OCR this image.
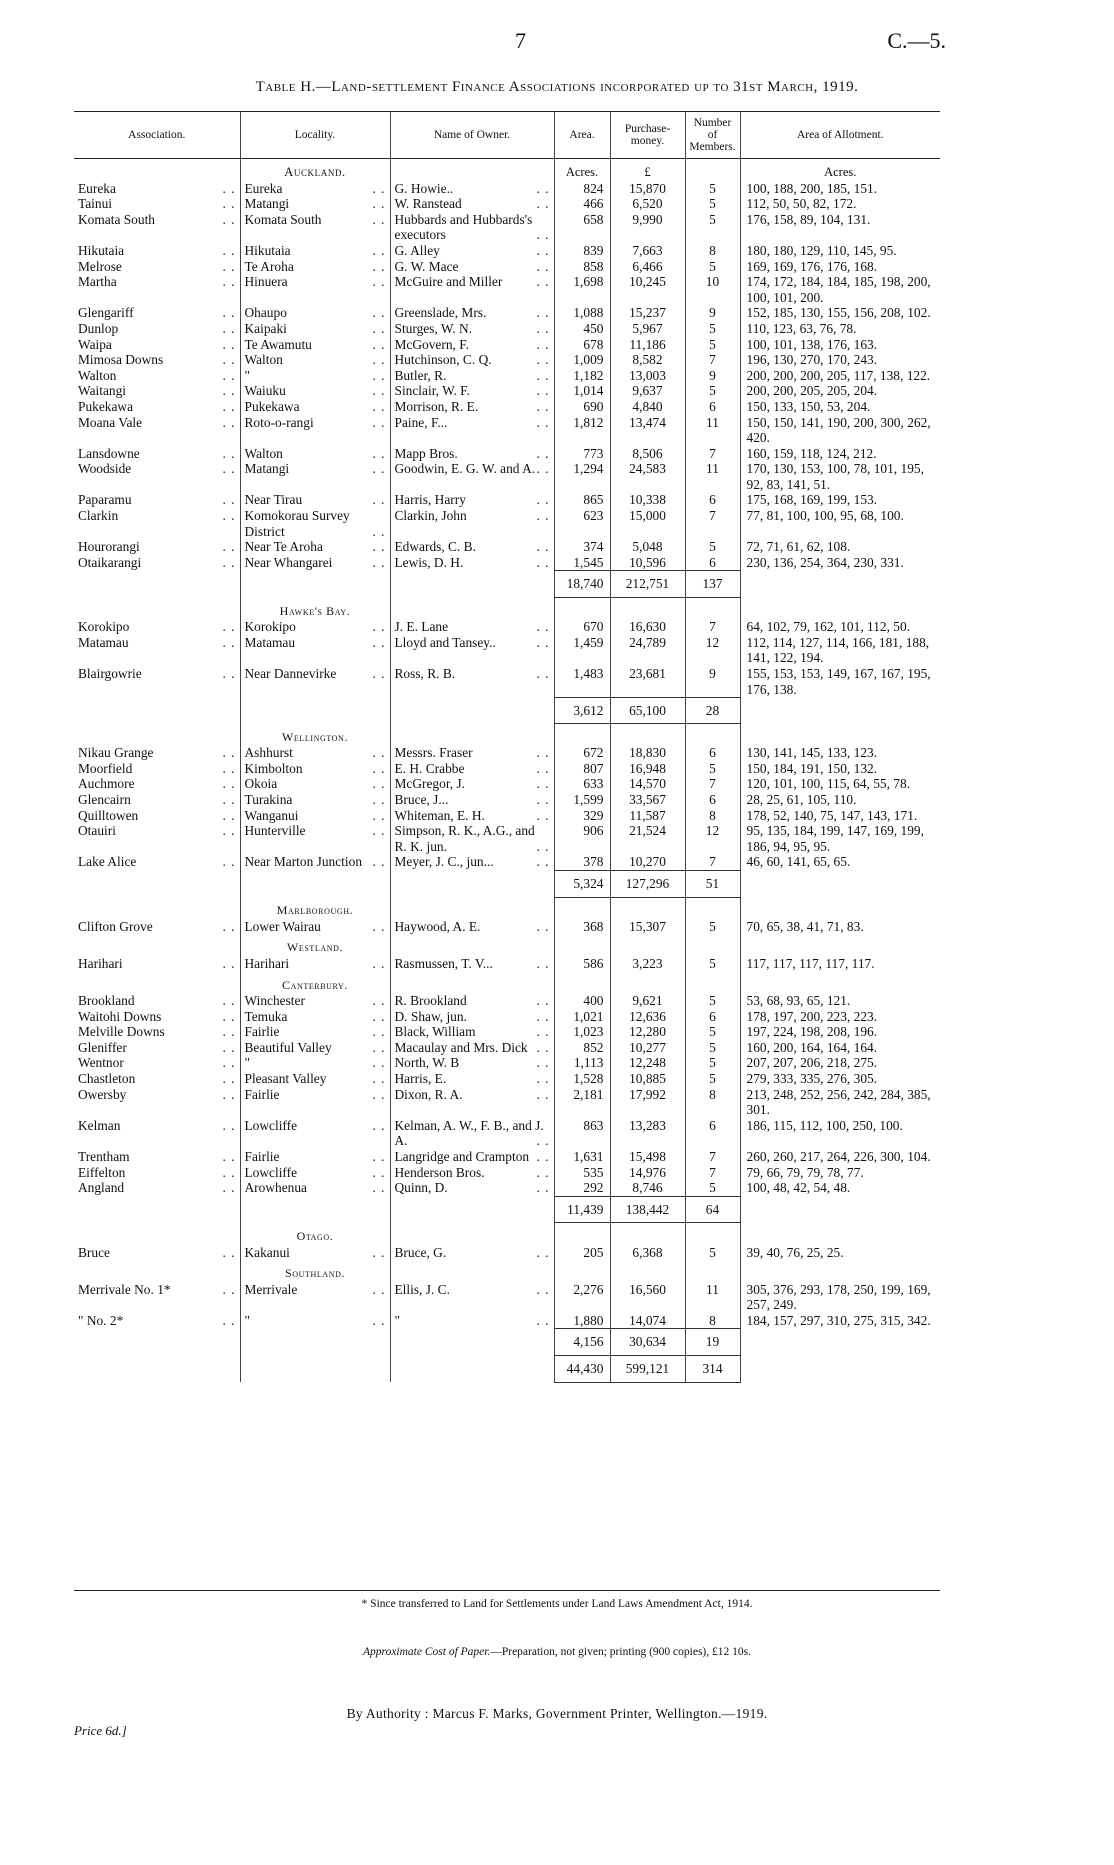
7	C.—5.
Table H.—Land-settlement Finance Associations incorporated up to 31st March, 1919.
Association.	Locality.	Name of Owner.	Area.	Purchase-money.	Number of Members.	Area of Allotment.
	Auckland.		Acres.	£		Acres.
Eureka . .	Eureka . .	G. Howie.. . .	824	15,870	5	100, 188, 200, 185, 151.
Tainui . .	Matangi . .	W. Ranstead . .	466	6,520	5	112, 50, 50, 82, 172.
Komata South . .	Komata South . .	Hubbards and Hubbards's executors . .	658	9,990	5	176, 158, 89, 104, 131.
Hikutaia . .	Hikutaia . .	G. Alley . .	839	7,663	8	180, 180, 129, 110, 145, 95.
Melrose . .	Te Aroha . .	G. W. Mace . .	858	6,466	5	169, 169, 176, 176, 168.
Martha . .	Hinuera . .	McGuire and Miller . .	1,698	10,245	10	174, 172, 184, 184, 185, 198, 200, 100, 101, 200.
Glengariff . .	Ohaupo . .	Greenslade, Mrs. . .	1,088	15,237	9	152, 185, 130, 155, 156, 208, 102.
Dunlop . .	Kaipaki . .	Sturges, W. N. . .	450	5,967	5	110, 123, 63, 76, 78.
Waipa . .	Te Awamutu . .	McGovern, F. . .	678	11,186	5	100, 101, 138, 176, 163.
Mimosa Downs . .	Walton . .	Hutchinson, C. Q. . .	1,009	8,582	7	196, 130, 270, 170, 243.
Walton . .	" . .	Butler, R. . .	1,182	13,003	9	200, 200, 200, 205, 117, 138, 122.
Waitangi . .	Waiuku . .	Sinclair, W. F. . .	1,014	9,637	5	200, 200, 205, 205, 204.
Pukekawa . .	Pukekawa . .	Morrison, R. E. . .	690	4,840	6	150, 133, 150, 53, 204.
Moana Vale . .	Roto-o-rangi . .	Paine, F... . .	1,812	13,474	11	150, 150, 141, 190, 200, 300, 262, 420.
Lansdowne . .	Walton . .	Mapp Bros. . .	773	8,506	7	160, 159, 118, 124, 212.
Woodside . .	Matangi . .	Goodwin, E. G. W. and A. . .	1,294	24,583	11	170, 130, 153, 100, 78, 101, 195, 92, 83, 141, 51.
Paparamu . .	Near Tirau . .	Harris, Harry . .	865	10,338	6	175, 168, 169, 199, 153.
Clarkin . .	Komokorau Survey District . .	Clarkin, John . .	623	15,000	7	77, 81, 100, 100, 95, 68, 100.
Hourorangi . .	Near Te Aroha . .	Edwards, C. B. . .	374	5,048	5	72, 71, 61, 62, 108.
Otaikarangi . .	Near Whangarei . .	Lewis, D. H. . .	1,545	10,596	6	230, 136, 254, 364, 230, 331.
			18,740	212,751	137	
	Hawke's Bay.					
Korokipo . .	Korokipo . .	J. E. Lane . .	670	16,630	7	64, 102, 79, 162, 101, 112, 50.
Matamau . .	Matamau . .	Lloyd and Tansey.. . .	1,459	24,789	12	112, 114, 127, 114, 166, 181, 188, 141, 122, 194.
Blairgowrie . .	Near Dannevirke . .	Ross, R. B. . .	1,483	23,681	9	155, 153, 153, 149, 167, 167, 195, 176, 138.
			3,612	65,100	28	
	Wellington.					
Nikau Grange . .	Ashhurst . .	Messrs. Fraser . .	672	18,830	6	130, 141, 145, 133, 123.
Moorfield . .	Kimbolton . .	E. H. Crabbe . .	807	16,948	5	150, 184, 191, 150, 132.
Auchmore . .	Okoia . .	McGregor, J. . .	633	14,570	7	120, 101, 100, 115, 64, 55, 78.
Glencairn . .	Turakina . .	Bruce, J... . .	1,599	33,567	6	28, 25, 61, 105, 110.
Quilltowen . .	Wanganui . .	Whiteman, E. H. . .	329	11,587	8	178, 52, 140, 75, 147, 143, 171.
Otauiri . .	Hunterville . .	Simpson, R. K., A.G., and R. K. jun. . .	906	21,524	12	95, 135, 184, 199, 147, 169, 199, 186, 94, 95, 95.
Lake Alice . .	Near Marton Junction . .	Meyer, J. C., jun... . .	378	10,270	7	46, 60, 141, 65, 65.
			5,324	127,296	51	
	Marlborough.					
Clifton Grove . .	Lower Wairau . .	Haywood, A. E. . .	368	15,307	5	70, 65, 38, 41, 71, 83.
	Westland.					
Harihari . .	Harihari . .	Rasmussen, T. V... . .	586	3,223	5	117, 117, 117, 117, 117.
	Canterbury.					
Brookland . .	Winchester . .	R. Brookland . .	400	9,621	5	53, 68, 93, 65, 121.
Waitohi Downs . .	Temuka . .	D. Shaw, jun. . .	1,021	12,636	6	178, 197, 200, 223, 223.
Melville Downs . .	Fairlie . .	Black, William . .	1,023	12,280	5	197, 224, 198, 208, 196.
Gleniffer . .	Beautiful Valley . .	Macaulay and Mrs. Dick . .	852	10,277	5	160, 200, 164, 164, 164.
Wentnor . .	" . .	North, W. B . .	1,113	12,248	5	207, 207, 206, 218, 275.
Chastleton . .	Pleasant Valley . .	Harris, E. . .	1,528	10,885	5	279, 333, 335, 276, 305.
Owersby . .	Fairlie . .	Dixon, R. A. . .	2,181	17,992	8	213, 248, 252, 256, 242, 284, 385, 301.
Kelman . .	Lowcliffe . .	Kelman, A. W., F. B., and J. A. . .	863	13,283	6	186, 115, 112, 100, 250, 100.
Trentham . .	Fairlie . .	Langridge and Crampton . .	1,631	15,498	7	260, 260, 217, 264, 226, 300, 104.
Eiffelton . .	Lowcliffe . .	Henderson Bros. . .	535	14,976	7	79, 66, 79, 79, 78, 77.
Angland . .	Arowhenua . .	Quinn, D. . .	292	8,746	5	100, 48, 42, 54, 48.
			11,439	138,442	64	
	Otago.					
Bruce . .	Kakanui . .	Bruce, G. . .	205	6,368	5	39, 40, 76, 25, 25.
	Southland.					
Merrivale No. 1* . .	Merrivale . .	Ellis, J. C. . .	2,276	16,560	11	305, 376, 293, 178, 250, 199, 169, 257, 249.
" No. 2* . .	" . .	" . .	1,880	14,074	8	184, 157, 297, 310, 275, 315, 342.
			4,156	30,634	19	
			44,430	599,121	314	
* Since transferred to Land for Settlements under Land Laws Amendment Act, 1914.
Approximate Cost of Paper.—Preparation, not given; printing (900 copies), £12 10s.
By Authority : Marcus F. Marks, Government Printer, Wellington.—1919.
Price 6d.]
